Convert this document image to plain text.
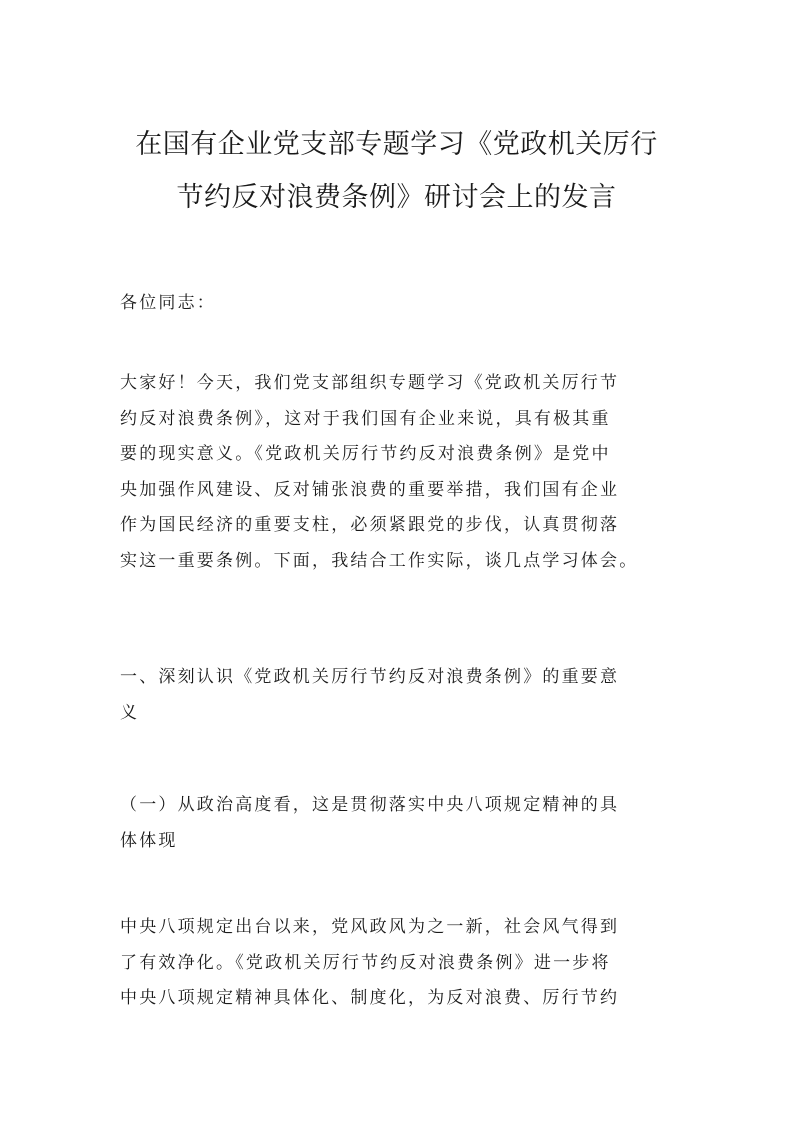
在国有企业党支部专题学习《党政机关厉行
节约反对浪费条例》研讨会上的发言

各位同志：

大家好！今天，我们党支部组织专题学习《党政机关厉行节
约反对浪费条例》，这对于我们国有企业来说，具有极其重
要的现实意义。《党政机关厉行节约反对浪费条例》是党中
央加强作风建设、反对铺张浪费的重要举措，我们国有企业
作为国民经济的重要支柱，必须紧跟党的步伐，认真贯彻落
实这一重要条例。下面，我结合工作实际，谈几点学习体会。

一、深刻认识《党政机关厉行节约反对浪费条例》的重要意
义

（一）从政治高度看，这是贯彻落实中央八项规定精神的具
体体现

中央八项规定出台以来，党风政风为之一新，社会风气得到
了有效净化。《党政机关厉行节约反对浪费条例》进一步将
中央八项规定精神具体化、制度化，为反对浪费、厉行节约
